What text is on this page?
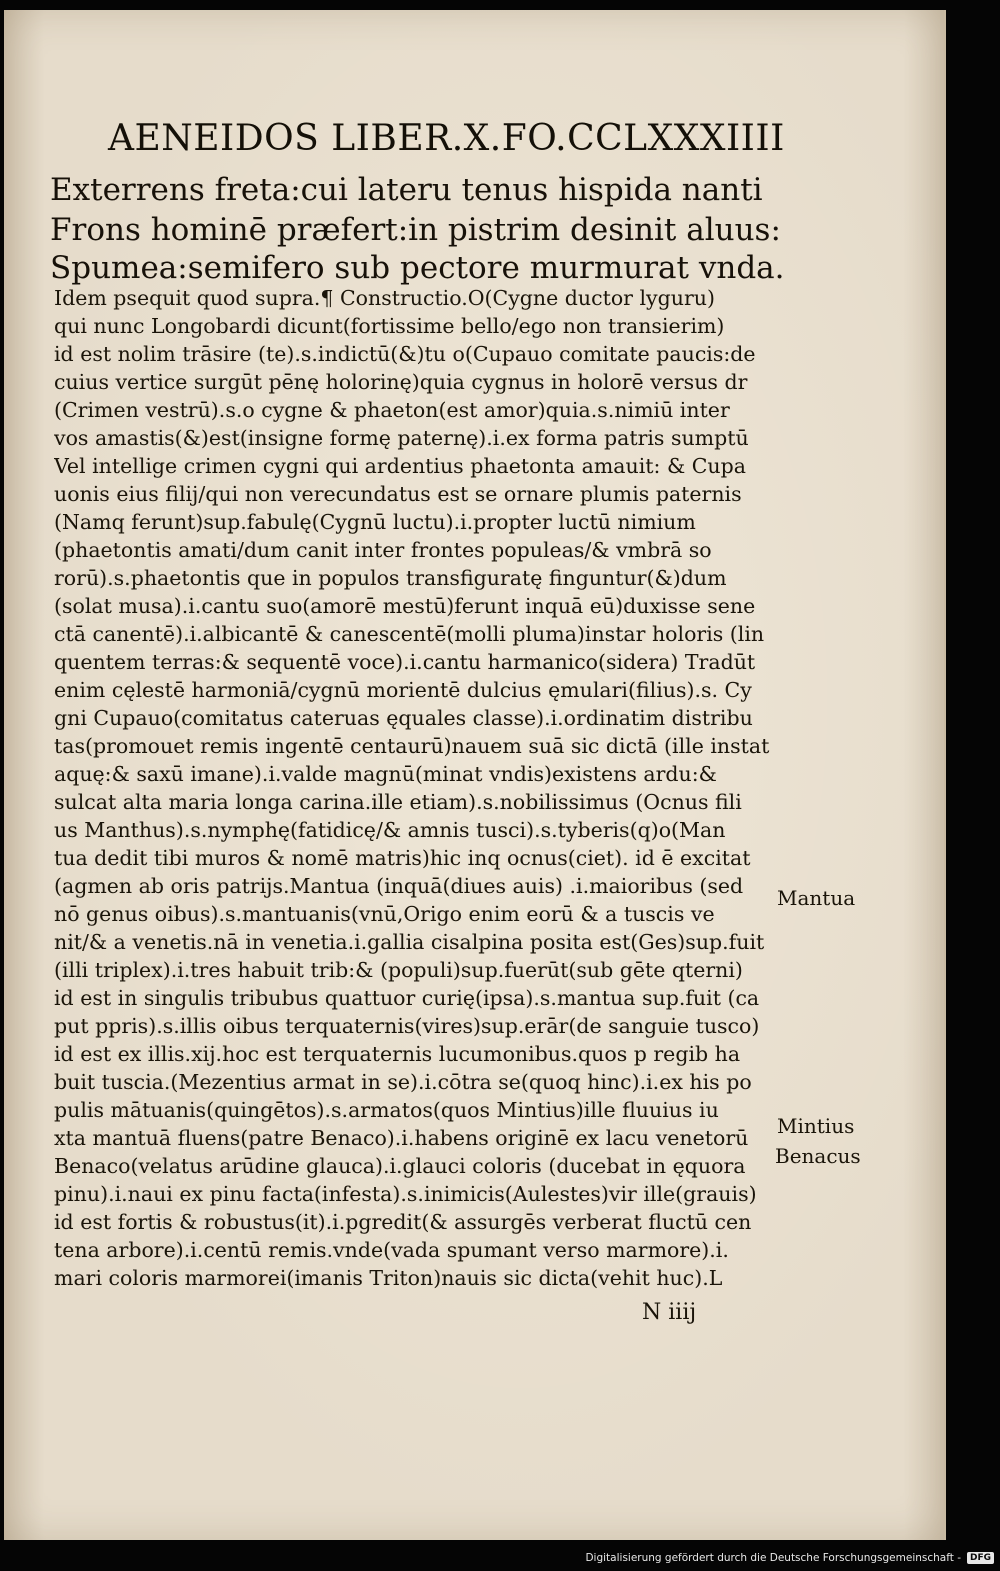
AENEIDOS LIBER.X.FO.CCLXXXIIII
Exterrens freta:cui lateru tenus hispida nanti
Frons hominē præfert:in pistrim desinit aluus:
Spumea:semifero sub pectore murmurat vnda.
Idem psequit quod supra.¶ Constructio.O(Cygne ductor lyguru)
qui nunc Longobardi dicunt(fortissime bello/ego non transierim)
id est nolim trāsire (te).s.indictū(&)tu o(Cupauo comitate paucis:de
cuius vertice surgūt pēnę holorinę)quia cygnus in holorē versus dr
(Crimen vestrū).s.o cygne & phaeton(est amor)quia.s.nimiū inter
vos amastis(&)est(insigne formę paternę).i.ex forma patris sumptū
Vel intellige crimen cygni qui ardentius phaetonta amauit: & Cupa
uonis eius filij/qui non verecundatus est se ornare plumis paternis
(Namq ferunt)sup.fabulę(Cygnū luctu).i.propter luctū nimium
(phaetontis amati/dum canit inter frontes populeas/& vmbrā so
rorū).s.phaetontis que in populos transfiguratę finguntur(&)dum
(solat musa).i.cantu suo(amorē mestū)ferunt inquā eū)duxisse sene
ctā canentē).i.albicantē & canescentē(molli pluma)instar holoris (lin
quentem terras:& sequentē voce).i.cantu harmanico(sidera) Tradūt
enim cęlestē harmoniā/cygnū morientē dulcius ęmulari(filius).s. Cy
gni Cupauo(comitatus cateruas ęquales classe).i.ordinatim distribu
tas(promouet remis ingentē centaurū)nauem suā sic dictā (ille instat
aquę:& saxū imane).i.valde magnū(minat vndis)existens ardu:&
sulcat alta maria longa carina.ille etiam).s.nobilissimus (Ocnus fili
us Manthus).s.nymphę(fatidicę/& amnis tusci).s.tyberis(q)o(Man
tua dedit tibi muros & nomē matris)hic inq ocnus(ciet). id ē excitat
(agmen ab oris patrijs.Mantua (inquā(diues auis) .i.maioribus (sed
nō genus oibus).s.mantuanis(vnū,Origo enim eorū & a tuscis ve
nit/& a venetis.nā in venetia.i.gallia cisalpina posita est(Ges)sup.fuit
(illi triplex).i.tres habuit trib:& (populi)sup.fuerūt(sub gēte qterni)
id est in singulis tribubus quattuor curię(ipsa).s.mantua sup.fuit (ca
put ppris).s.illis oibus terquaternis(vires)sup.erār(de sanguie tusco)
id est ex illis.xij.hoc est terquaternis lucumonibus.quos p regib ha
buit tuscia.(Mezentius armat in se).i.cōtra se(quoq hinc).i.ex his po
pulis mātuanis(quingētos).s.armatos(quos Mintius)ille fluuius iu
xta mantuā fluens(patre Benaco).i.habens originē ex lacu venetorū
Benaco(velatus arūdine glauca).i.glauci coloris (ducebat in ęquora
pinu).i.naui ex pinu facta(infesta).s.inimicis(Aulestes)vir ille(grauis)
id est fortis & robustus(it).i.pgredit(& assurgēs verberat fluctū cen
tena arbore).i.centū remis.vnde(vada spumant verso marmore).i.
mari coloris marmorei(imanis Triton)nauis sic dicta(vehit huc).L
Mantua
Mintius
Benacus
N iiij
Digitalisierung gefördert durch die Deutsche Forschungsgemeinschaft -	DFG
